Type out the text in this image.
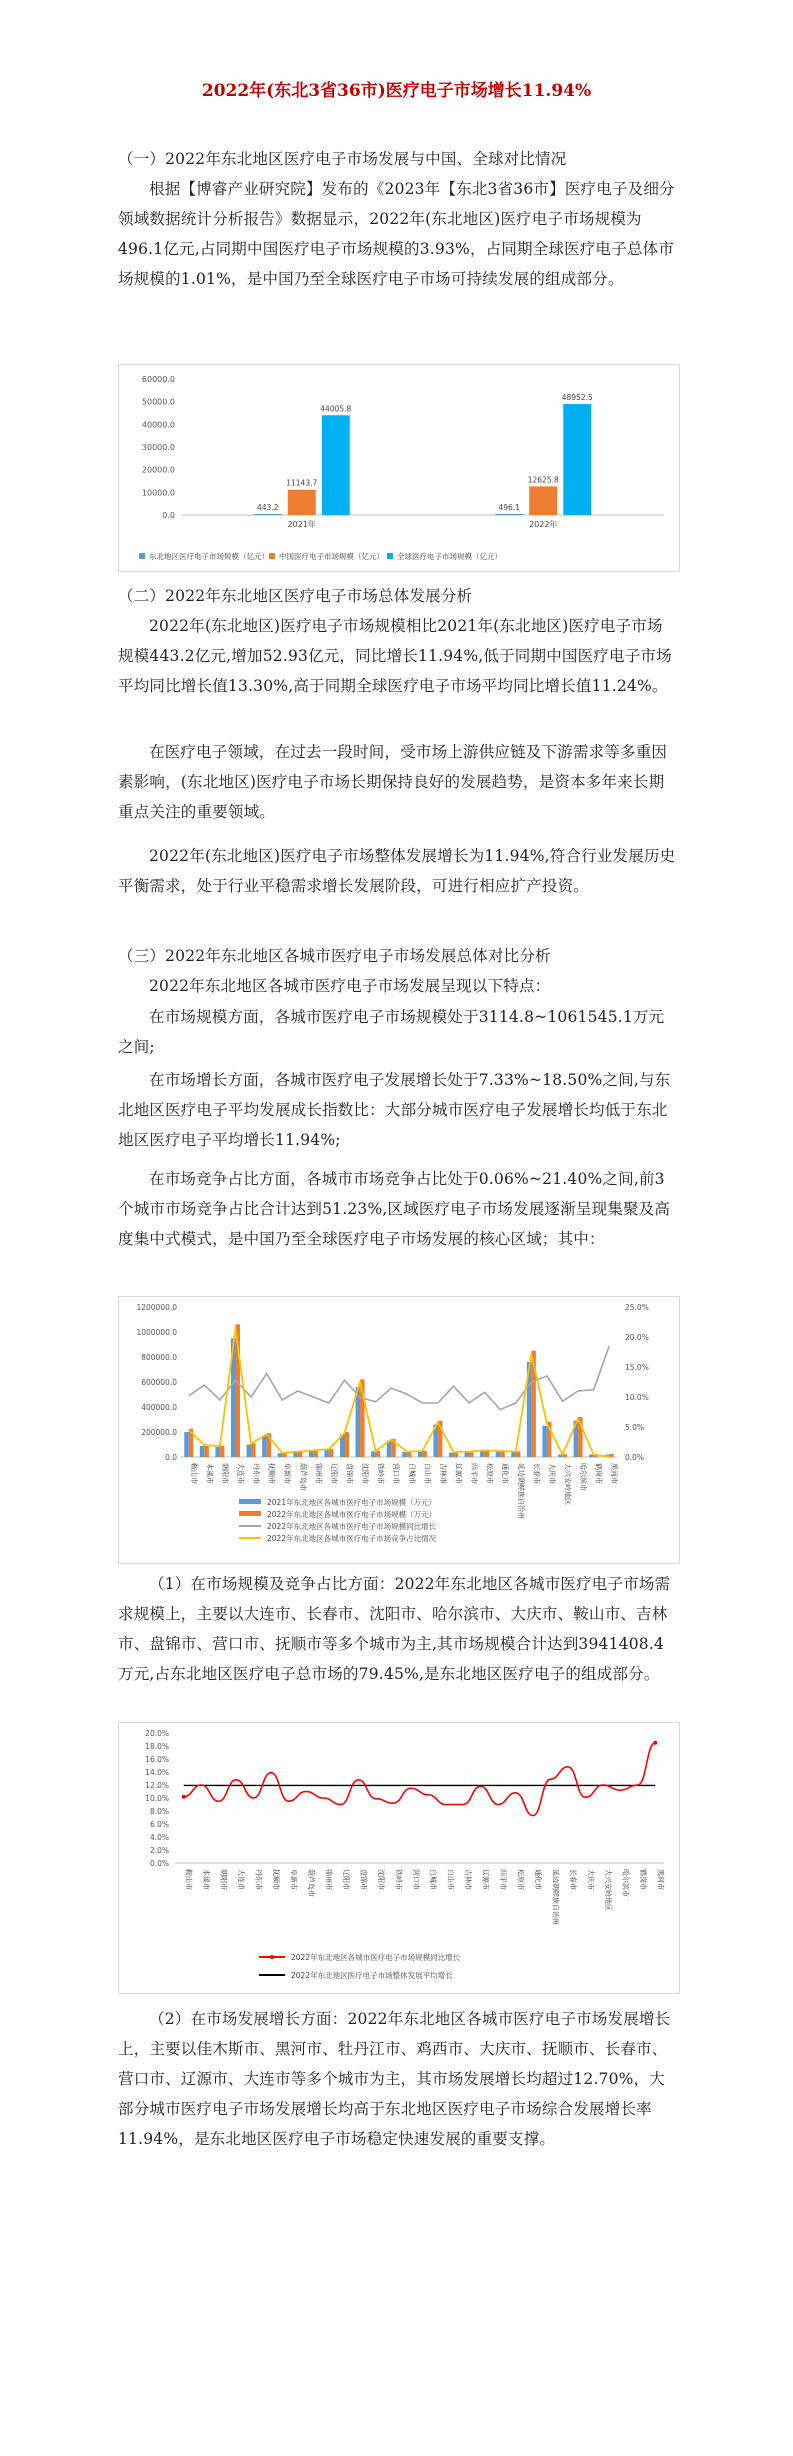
2022年(东北3省36市)医疗电子市场增长11.94%

（一）2022年东北地区医疗电子市场发展与中国、全球对比情况

根据【博睿产业研究院】发布的《2023年【东北3省36市】医疗电子及细分领域数据统计分析报告》数据显示，2022年(东北地区)医疗电子市场规模为496.1亿元,占同期中国医疗电子市场规模的3.93%，占同期全球医疗电子总体市场规模的1.01%，是中国乃至全球医疗电子市场可持续发展的组成部分。

0.0
10000.0
20000.0
30000.0
40000.0
50000.0
60000.0
2021年
443.2
11143.7
44005.8
2022年
496.1
12625.8
48952.5
东北地区医疗电子市场规模（亿元） 中国医疗电子市场规模（亿元） 全球医疗电子市场规模（亿元）

（二）2022年东北地区医疗电子市场总体发展分析

2022年(东北地区)医疗电子市场规模相比2021年(东北地区)医疗电子市场规模443.2亿元,增加52.93亿元，同比增长11.94%,低于同期中国医疗电子市场平均同比增长值13.30%,高于同期全球医疗电子市场平均同比增长值11.24%。

在医疗电子领域，在过去一段时间，受市场上游供应链及下游需求等多重因素影响，(东北地区)医疗电子市场长期保持良好的发展趋势，是资本多年来长期重点关注的重要领域。

2022年(东北地区)医疗电子市场整体发展增长为11.94%,符合行业发展历史平衡需求，处于行业平稳需求增长发展阶段，可进行相应扩产投资。

（三）2022年东北地区各城市医疗电子市场发展总体对比分析

2022年东北地区各城市医疗电子市场发展呈现以下特点：

在市场规模方面，各城市医疗电子市场规模处于3114.8~1061545.1万元之间;

在市场增长方面，各城市医疗电子发展增长处于7.33%~18.50%之间,与东北地区医疗电子平均发展成长指数比：大部分城市医疗电子发展增长均低于东北地区医疗电子平均增长11.94%;

在市场竞争占比方面，各城市市场竞争占比处于0.06%~21.40%之间,前3个城市市场竞争占比合计达到51.23%,区域医疗电子市场发展逐渐呈现集聚及高度集中式模式，是中国乃至全球医疗电子市场发展的核心区域；其中：

0.0
200000.0
400000.0
600000.0
800000.0
1000000.0
1200000.0
0.0%
5.0%
10.0%
15.0%
20.0%
25.0%
鞍山市 本溪市 朝阳市 大连市 丹东市 抚顺市 阜新市 葫芦岛市 锦州市 辽阳市 盘锦市 沈阳市 铁岭市 营口市 白城市 白山市 吉林市 辽源市 四平市 松原市 通化市 延边朝鲜族自治州 长春市 大庆市 大兴安岭地区 哈尔滨市 鹤岗市 黑河市
2021年东北地区各城市医疗电子市场规模（万元）
2022年东北地区各城市医疗电子市场规模（万元）
2022年东北地区各城市医疗电子市场规模同比增长
2022年东北地区各城市医疗电子市场竞争占比情况

（1）在市场规模及竞争占比方面：2022年东北地区各城市医疗电子市场需求规模上，主要以大连市、长春市、沈阳市、哈尔滨市、大庆市、鞍山市、吉林市、盘锦市、营口市、抚顺市等多个城市为主,其市场规模合计达到3941408.4万元,占东北地区医疗电子总市场的79.45%,是东北地区医疗电子的组成部分。

0.0%
2.0%
4.0%
6.0%
8.0%
10.0%
12.0%
14.0%
16.0%
18.0%
20.0%
鞍山市 本溪市 朝阳市 大连市 丹东市 抚顺市 阜新市 葫芦岛市 锦州市 辽阳市 盘锦市 沈阳市 铁岭市 营口市 白城市 白山市 吉林市 辽源市 四平市 松原市 通化市 延边朝鲜族自治州 长春市 大庆市 大兴安岭地区 哈尔滨市 鹤岗市 黑河市
2022年东北地区各城市医疗电子市场规模同比增长
2022年东北地区医疗电子市场整体发展平均增长

（2）在市场发展增长方面：2022年东北地区各城市医疗电子市场发展增长上，主要以佳木斯市、黑河市、牡丹江市、鸡西市、大庆市、抚顺市、长春市、营口市、辽源市、大连市等多个城市为主，其市场发展增长均超过12.70%，大部分城市医疗电子市场发展增长均高于东北地区医疗电子市场综合发展增长率11.94%，是东北地区医疗电子市场稳定快速发展的重要支撑。
